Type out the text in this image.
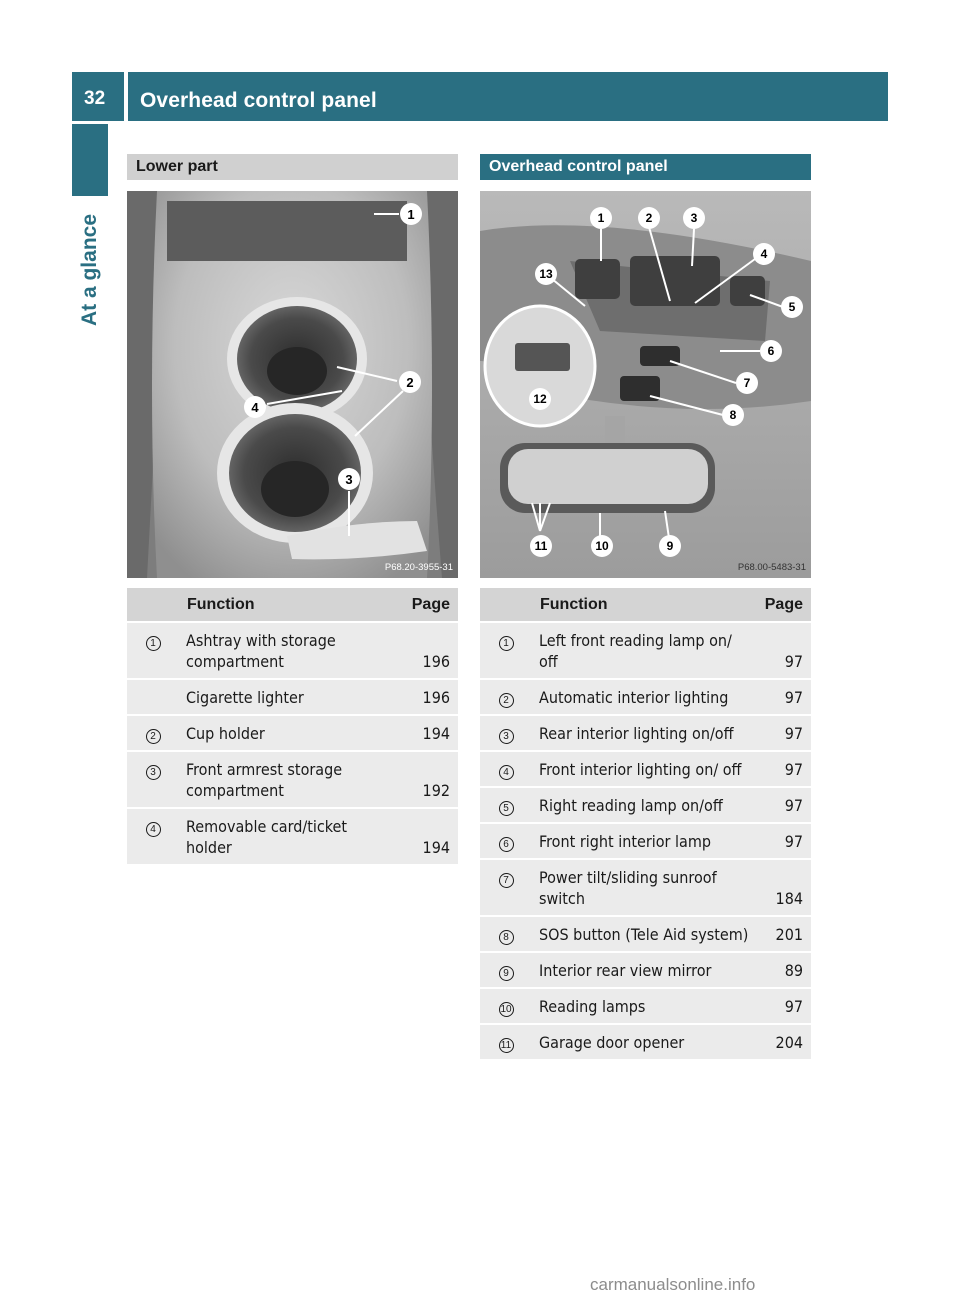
32 Overhead control panel
At a glance
Lower part
1
2
3
4
P68.20-3955-31
	Function	Page
1	Ashtray with storage compartment	196
	Cigarette lighter	196
2	Cup holder	194
3	Front armrest storage compartment	192
4	Removable card/ticket holder	194
Overhead control panel
1	2	3
4
5
6
7
8
9
10
11
12
13
P68.00-5483-31
	Function	Page
1	Left front reading lamp on/ off	97
2	Automatic interior lighting	97
3	Rear interior lighting on/off	97
4	Front interior lighting on/ off	97
5	Right reading lamp on/off	97
6	Front right interior lamp	97
7	Power tilt/sliding sunroof switch	184
8	SOS button (Tele Aid system)	201
9	Interior rear view mirror	89
10	Reading lamps	97
11	Garage door opener	204
carmanualsonline.info
